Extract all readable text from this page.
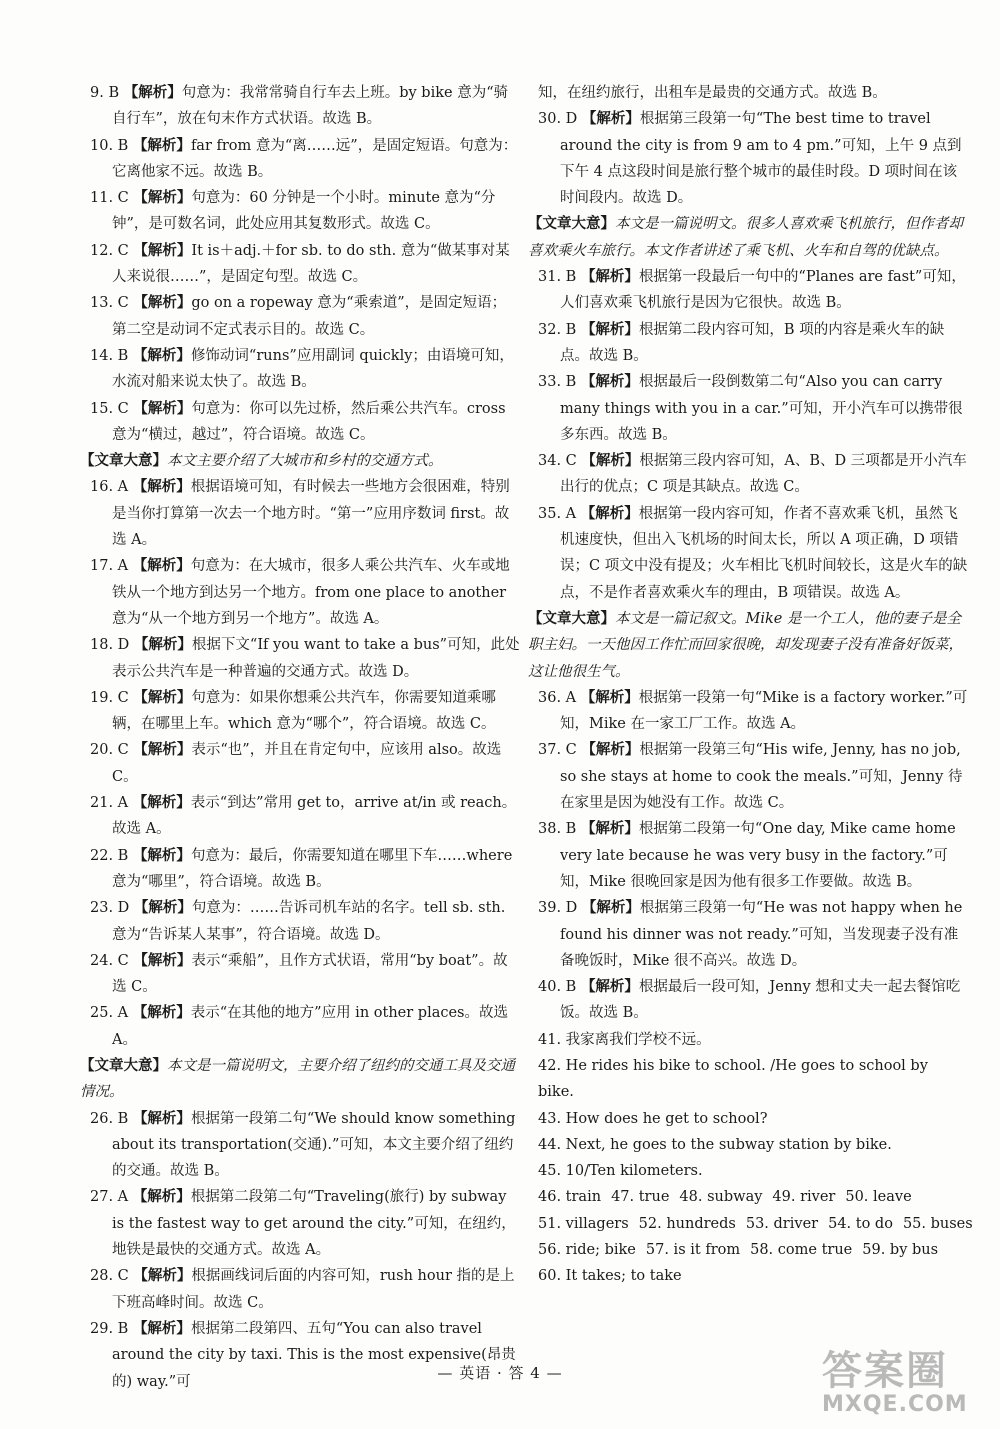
9. B 【解析】句意为：我常常骑自行车去上班。by bike 意为“骑自行车”，放在句末作方式状语。故选 B。

10. B 【解析】far from 意为“离……远”，是固定短语。句意为：它离他家不远。故选 B。

11. C 【解析】句意为：60 分钟是一个小时。minute 意为“分钟”，是可数名词，此处应用其复数形式。故选 C。

12. C 【解析】It is＋adj.＋for sb. to do sth. 意为“做某事对某人来说很……”，是固定句型。故选 C。

13. C 【解析】go on a ropeway 意为“乘索道”，是固定短语；第二空是动词不定式表示目的。故选 C。

14. B 【解析】修饰动词“runs”应用副词 quickly；由语境可知，水流对船来说太快了。故选 B。

15. C 【解析】句意为：你可以先过桥，然后乘公共汽车。cross 意为“横过，越过”，符合语境。故选 C。

【文章大意】本文主要介绍了大城市和乡村的交通方式。

16. A 【解析】根据语境可知，有时候去一些地方会很困难，特别是当你打算第一次去一个地方时。“第一”应用序数词 first。故选 A。

17. A 【解析】句意为：在大城市，很多人乘公共汽车、火车或地铁从一个地方到达另一个地方。from one place to another 意为“从一个地方到另一个地方”。故选 A。

18. D 【解析】根据下文“If you want to take a bus”可知，此处表示公共汽车是一种普遍的交通方式。故选 D。

19. C 【解析】句意为：如果你想乘公共汽车，你需要知道乘哪辆，在哪里上车。which 意为“哪个”，符合语境。故选 C。

20. C 【解析】表示“也”，并且在肯定句中，应该用 also。故选 C。

21. A 【解析】表示“到达”常用 get to，arrive at/in 或 reach。故选 A。

22. B 【解析】句意为：最后，你需要知道在哪里下车……where 意为“哪里”，符合语境。故选 B。

23. D 【解析】句意为：……告诉司机车站的名字。tell sb. sth. 意为“告诉某人某事”，符合语境。故选 D。

24. C 【解析】表示“乘船”，且作方式状语，常用“by boat”。故选 C。

25. A 【解析】表示“在其他的地方”应用 in other places。故选 A。

【文章大意】本文是一篇说明文，主要介绍了纽约的交通工具及交通情况。

26. B 【解析】根据第一段第二句“We should know something about its transportation(交通).”可知，本文主要介绍了纽约的交通。故选 B。

27. A 【解析】根据第二段第二句“Traveling(旅行) by subway is the fastest way to get around the city.”可知，在纽约，地铁是最快的交通方式。故选 A。

28. C 【解析】根据画线词后面的内容可知，rush hour 指的是上下班高峰时间。故选 C。

29. B 【解析】根据第二段第四、五句“You can also travel around the city by taxi. This is the most expensive(昂贵的) way.”可

知，在纽约旅行，出租车是最贵的交通方式。故选 B。

30. D 【解析】根据第三段第一句“The best time to travel around the city is from 9 am to 4 pm.”可知，上午 9 点到下午 4 点这段时间是旅行整个城市的最佳时段。D 项时间在该时间段内。故选 D。

【文章大意】本文是一篇说明文。很多人喜欢乘飞机旅行，但作者却喜欢乘火车旅行。本文作者讲述了乘飞机、火车和自驾的优缺点。

31. B 【解析】根据第一段最后一句中的“Planes are fast”可知，人们喜欢乘飞机旅行是因为它很快。故选 B。

32. B 【解析】根据第二段内容可知，B 项的内容是乘火车的缺点。故选 B。

33. B 【解析】根据最后一段倒数第二句“Also you can carry many things with you in a car.”可知，开小汽车可以携带很多东西。故选 B。

34. C 【解析】根据第三段内容可知，A、B、D 三项都是开小汽车出行的优点；C 项是其缺点。故选 C。

35. A 【解析】根据第一段内容可知，作者不喜欢乘飞机，虽然飞机速度快，但出入飞机场的时间太长，所以 A 项正确，D 项错误；C 项文中没有提及；火车相比飞机时间较长，这是火车的缺点，不是作者喜欢乘火车的理由，B 项错误。故选 A。

【文章大意】本文是一篇记叙文。Mike 是一个工人，他的妻子是全职主妇。一天他因工作忙而回家很晚，却发现妻子没有准备好饭菜，这让他很生气。

36. A 【解析】根据第一段第一句“Mike is a factory worker.”可知，Mike 在一家工厂工作。故选 A。

37. C 【解析】根据第一段第三句“His wife, Jenny, has no job, so she stays at home to cook the meals.”可知，Jenny 待在家里是因为她没有工作。故选 C。

38. B 【解析】根据第二段第一句“One day, Mike came home very late because he was very busy in the factory.”可知，Mike 很晚回家是因为他有很多工作要做。故选 B。

39. D 【解析】根据第三段第一句“He was not happy when he found his dinner was not ready.”可知，当发现妻子没有准备晚饭时，Mike 很不高兴。故选 D。

40. B 【解析】根据最后一段可知，Jenny 想和丈夫一起去餐馆吃饭。故选 B。

41. 我家离我们学校不远。

42. He rides his bike to school. /He goes to school by bike.

43. How does he get to school?

44. Next, he goes to the subway station by bike.

45. 10/Ten kilometers.

46. train 47. true 48. subway 49. river 50. leave

51. villagers 52. hundreds 53. driver 54. to do 55. buses

56. ride; bike 57. is it from 58. come true 59. by bus

60. It takes; to take

— 英语 · 答 4 —	答案圈
MXQE.COM
